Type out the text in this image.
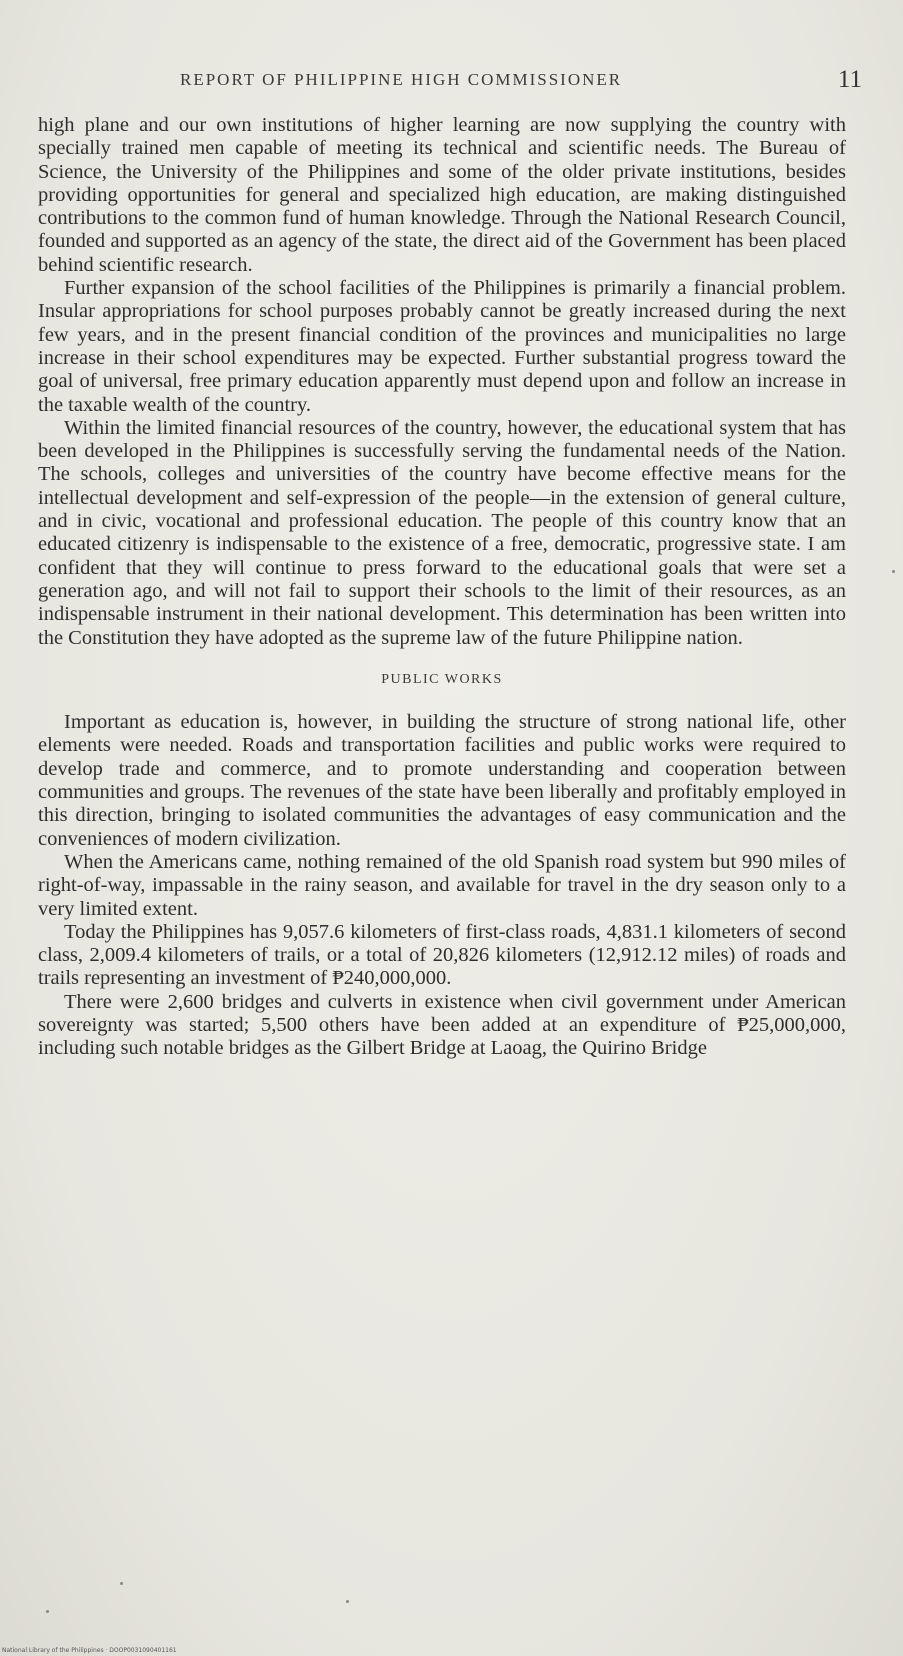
REPORT OF PHILIPPINE HIGH COMMISSIONER	11

high plane and our own institutions of higher learning are now supplying the country with specially trained men capable of meeting its technical and scientific needs. The Bureau of Science, the University of the Philippines and some of the older private institutions, besides providing opportunities for general and specialized high education, are making distinguished contributions to the common fund of human knowledge. Through the National Research Council, founded and supported as an agency of the state, the direct aid of the Government has been placed behind scientific research.

Further expansion of the school facilities of the Philippines is primarily a financial problem. Insular appropriations for school purposes probably cannot be greatly increased during the next few years, and in the present financial condition of the provinces and municipalities no large increase in their school expenditures may be expected. Further substantial progress toward the goal of universal, free primary education apparently must depend upon and follow an increase in the taxable wealth of the country.

Within the limited financial resources of the country, however, the educational system that has been developed in the Philippines is successfully serving the fundamental needs of the Nation. The schools, colleges and universities of the country have become effective means for the intellectual development and self-expression of the people—in the extension of general culture, and in civic, vocational and professional education. The people of this country know that an educated citizenry is indispensable to the existence of a free, democratic, progressive state. I am confident that they will continue to press forward to the educational goals that were set a generation ago, and will not fail to support their schools to the limit of their resources, as an indispensable instrument in their national development. This determination has been written into the Constitution they have adopted as the supreme law of the future Philippine nation.

PUBLIC WORKS

Important as education is, however, in building the structure of strong national life, other elements were needed. Roads and transportation facilities and public works were required to develop trade and commerce, and to promote understanding and cooperation between communities and groups. The revenues of the state have been liberally and profitably employed in this direction, bringing to isolated communities the advantages of easy communication and the conveniences of modern civilization.

When the Americans came, nothing remained of the old Spanish road system but 990 miles of right-of-way, impassable in the rainy season, and available for travel in the dry season only to a very limited extent.

Today the Philippines has 9,057.6 kilometers of first-class roads, 4,831.1 kilometers of second class, 2,009.4 kilometers of trails, or a total of 20,826 kilometers (12,912.12 miles) of roads and trails representing an investment of ₱240,000,000.

There were 2,600 bridges and culverts in existence when civil government under American sovereignty was started; 5,500 others have been added at an expenditure of ₱25,000,000, including such notable bridges as the Gilbert Bridge at Laoag, the Quirino Bridge

National Library of the Philippines · DOOP0031090401161
